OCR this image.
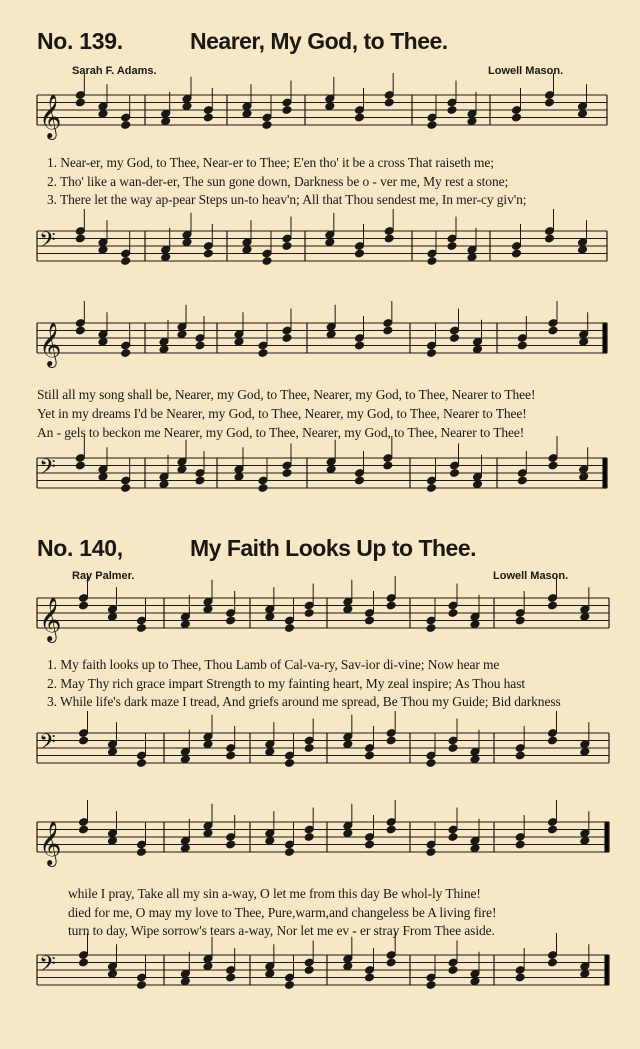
No. 139.	Nearer, My God, to Thee.
Sarah F. Adams.	Lowell Mason.
1. Near-er, my God, to Thee, Near-er to Thee; E'en tho' it be a cross That raiseth me;
2. Tho' like a wan-der-er, The sun gone down, Darkness be o - ver me, My rest a stone;
3. There let the way ap-pear Steps un-to heav'n; All that Thou sendest me, In mer-cy giv'n;
Still all my song shall be, Nearer, my God, to Thee, Nearer, my God, to Thee, Nearer to Thee!
Yet in my dreams I'd be Nearer, my God, to Thee, Nearer, my God, to Thee, Nearer to Thee!
An - gels to beckon me Nearer, my God, to Thee, Nearer, my God, to Thee, Nearer to Thee!
No. 140,	My Faith Looks Up to Thee.
Ray Palmer.	Lowell Mason.
1. My faith looks up to Thee, Thou Lamb of Cal-va-ry, Sav-ior di-vine; Now hear me
2. May Thy rich grace impart Strength to my fainting heart, My zeal inspire; As Thou hast
3. While life's dark maze I tread, And griefs around me spread, Be Thou my Guide; Bid darkness
while I pray, Take all my sin a-way, O let me from this day Be whol-ly Thine!
died for me, O may my love to Thee, Pure,warm,and changeless be A living fire!
turn to day, Wipe sorrow's tears a-way, Nor let me ev - er stray From Thee aside.
𝄞
𝄢
𝄞
𝄢
𝄞
𝄢
𝄞
𝄢
